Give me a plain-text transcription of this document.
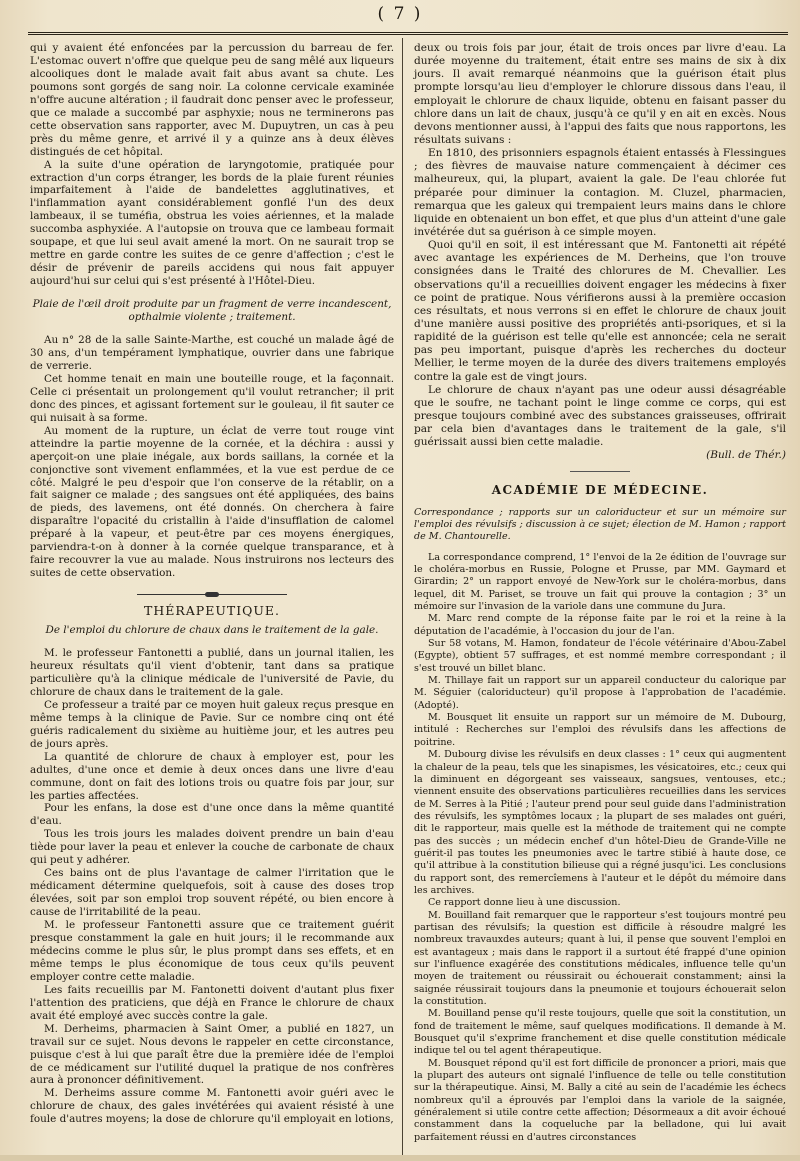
( 7 )

qui y avaient été enfoncées par la percussion du barreau de fer. L'estomac ouvert n'offre que quelque peu de sang mêlé aux liqueurs alcooliques dont le malade avait fait abus avant sa chute. Les poumons sont gorgés de sang noir. La colonne cervicale examinée n'offre aucune altération ; il faudrait donc penser avec le professeur, que ce malade a succombé par asphyxie; nous ne terminerons pas cette observation sans rapporter, avec M. Dupuytren, un cas à peu près du même genre, et arrivé il y a quinze ans à deux élèves distingués de cet hôpital.

A la suite d'une opération de laryngotomie, pratiquée pour extraction d'un corps étranger, les bords de la plaie furent réunies imparfaitement à l'aide de bandelettes agglutinatives, et l'inflammation ayant considérablement gonflé l'un des deux lambeaux, il se tuméfia, obstrua les voies aériennes, et la malade succomba asphyxiée. A l'autopsie on trouva que ce lambeau formait soupape, et que lui seul avait amené la mort. On ne saurait trop se mettre en garde contre les suites de ce genre d'affection ; c'est le désir de prévenir de pareils accidens qui nous fait appuyer aujourd'hui sur celui qui s'est présenté à l'Hôtel-Dieu.

Plaie de l'œil droit produite par un fragment de verre incandescent, opthalmie violente ; traitement.

Au n° 28 de la salle Sainte-Marthe, est couché un malade âgé de 30 ans, d'un tempérament lymphatique, ouvrier dans une fabrique de verrerie.

Cet homme tenait en main une bouteille rouge, et la façonnait. Celle ci présentait un prolongement qu'il voulut retrancher; il prit donc des pinces, et agissant fortement sur le gouleau, il fit sauter ce qui nuisait à sa forme.

Au moment de la rupture, un éclat de verre tout rouge vint atteindre la partie moyenne de la cornée, et la déchira : aussi y aperçoit-on une plaie inégale, aux bords saillans, la cornée et la conjonctive sont vivement enflammées, et la vue est perdue de ce côté. Malgré le peu d'espoir que l'on conserve de la rétablir, on a fait saigner ce malade ; des sangsues ont été appliquées, des bains de pieds, des lavemens, ont été donnés. On cherchera à faire disparaître l'opacité du cristallin à l'aide d'insufflation de calomel préparé à la vapeur, et peut-être par ces moyens énergiques, parviendra-t-on à donner à la cornée quelque transparance, et à faire recouvrer la vue au malade. Nous instruirons nos lecteurs des suites de cette observation.

THÉRAPEUTIQUE.

De l'emploi du chlorure de chaux dans le traitement de la gale.

M. le professeur Fantonetti a publié, dans un journal italien, les heureux résultats qu'il vient d'obtenir, tant dans sa pratique particulière qu'à la clinique médicale de l'université de Pavie, du chlorure de chaux dans le traitement de la gale.

Ce professeur a traité par ce moyen huit galeux reçus presque en même temps à la clinique de Pavie. Sur ce nombre cinq ont été guéris radicalement du sixième au huitième jour, et les autres peu de jours après.

La quantité de chlorure de chaux à employer est, pour les adultes, d'une once et demie à deux onces dans une livre d'eau commune, dont on fait des lotions trois ou quatre fois par jour, sur les parties affectées.

Pour les enfans, la dose est d'une once dans la même quantité d'eau.

Tous les trois jours les malades doivent prendre un bain d'eau tiède pour laver la peau et enlever la couche de carbonate de chaux qui peut y adhérer.

Ces bains ont de plus l'avantage de calmer l'irritation que le médicament détermine quelquefois, soit à cause des doses trop élevées, soit par son emploi trop souvent répété, ou bien encore à cause de l'irritabilité de la peau.

M. le professeur Fantonetti assure que ce traitement guérit presque constamment la gale en huit jours; il le recommande aux médecins comme le plus sûr, le plus prompt dans ses effets, et en même temps le plus économique de tous ceux qu'ils peuvent employer contre cette maladie.

Les faits recueillis par M. Fantonetti doivent d'autant plus fixer l'attention des praticiens, que déjà en France le chlorure de chaux avait été employé avec succès contre la gale.

M. Derheims, pharmacien à Saint Omer, a publié en 1827, un travail sur ce sujet. Nous devons le rappeler en cette circonstance, puisque c'est à lui que paraît être due la première idée de l'emploi de ce médicament sur l'utilité duquel la pratique de nos confrères aura à prononcer définitivement.

M. Derheims assure comme M. Fantonetti avoir guéri avec le chlorure de chaux, des gales invétérées qui avaient résisté à une foule d'autres moyens; la dose de chlorure qu'il employait en lotions,

deux ou trois fois par jour, était de trois onces par livre d'eau. La durée moyenne du traitement, était entre ses mains de six à dix jours. Il avait remarqué néanmoins que la guérison était plus prompte lorsqu'au lieu d'employer le chlorure dissous dans l'eau, il employait le chlorure de chaux liquide, obtenu en faisant passer du chlore dans un lait de chaux, jusqu'à ce qu'il y en ait en excès. Nous devons mentionner aussi, à l'appui des faits que nous rapportons, les résultats suivans :

En 1810, des prisonniers espagnols étaient entassés à Flessingues ; des fièvres de mauvaise nature commençaient à décimer ces malheureux, qui, la plupart, avaient la gale. De l'eau chlorée fut préparée pour diminuer la contagion. M. Cluzel, pharmacien, remarqua que les galeux qui trempaient leurs mains dans le chlore liquide en obtenaient un bon effet, et que plus d'un atteint d'une gale invétérée dut sa guérison à ce simple moyen.

Quoi qu'il en soit, il est intéressant que M. Fantonetti ait répété avec avantage les expériences de M. Derheins, que l'on trouve consignées dans le Traité des chlorures de M. Chevallier. Les observations qu'il a recueillies doivent engager les médecins à fixer ce point de pratique. Nous vérifierons aussi à la première occasion ces résultats, et nous verrons si en effet le chlorure de chaux jouit d'une manière aussi positive des propriétés anti-psoriques, et si la rapidité de la guérison est telle qu'elle est annoncée; cela ne serait pas peu important, puisque d'après les recherches du docteur Mellier, le terme moyen de la durée des divers traitemens employés contre la gale est de vingt jours.

Le chlorure de chaux n'ayant pas une odeur aussi désagréable que le soufre, ne tachant point le linge comme ce corps, qui est presque toujours combiné avec des substances graisseuses, offrirait par cela bien d'avantages dans le traitement de la gale, s'il guérissait aussi bien cette maladie.

(Bull. de Thér.)

ACADÉMIE DE MÉDECINE.

Correspondance ; rapports sur un caloriducteur et sur un mémoire sur l'emploi des révulsifs ; discussion à ce sujet; élection de M. Hamon ; rapport de M. Chantourelle.

La correspondance comprend, 1° l'envoi de la 2e édition de l'ouvrage sur le choléra-morbus en Russie, Pologne et Prusse, par MM. Gaymard et Girardin; 2° un rapport envoyé de New-York sur le choléra-morbus, dans lequel, dit M. Pariset, se trouve un fait qui prouve la contagion ; 3° un mémoire sur l'invasion de la variole dans une commune du Jura.

M. Marc rend compte de la réponse faite par le roi et la reine à la députation de l'académie, à l'occasion du jour de l'an.

Sur 58 votans, M. Hamon, fondateur de l'école vétérinaire d'Abou-Zabel (Egypte), obtient 57 suffrages, et est nommé membre correspondant ; il s'est trouvé un billet blanc.

M. Thillaye fait un rapport sur un appareil conducteur du calorique par M. Séguier (caloriducteur) qu'il propose à l'approbation de l'académie. (Adopté).

M. Bousquet lit ensuite un rapport sur un mémoire de M. Dubourg, intitulé : Recherches sur l'emploi des révulsifs dans les affections de poitrine.

M. Dubourg divise les révulsifs en deux classes : 1° ceux qui augmentent la chaleur de la peau, tels que les sinapismes, les vésicatoires, etc.; ceux qui la diminuent en dégorgeant ses vaisseaux, sangsues, ventouses, etc.; viennent ensuite des observations particulières recueillies dans les services de M. Serres à la Pitié ; l'auteur prend pour seul guide dans l'administration des révulsifs, les symptômes locaux ; la plupart de ses malades ont guéri, dit le rapporteur, mais quelle est la méthode de traitement qui ne compte pas des succès ; un médecin enchef d'un hôtel-Dieu de Grande-Ville ne guérit-il pas toutes les pneumonies avec le tartre stibié à haute dose, ce qu'il attribue à la constitution bilieuse qui a régné jusqu'ici. Les conclusions du rapport sont, des remercîemens à l'auteur et le dépôt du mémoire dans les archives.

Ce rapport donne lieu à une discussion.

M. Bouilland fait remarquer que le rapporteur s'est toujours montré peu partisan des révulsifs; la question est difficile à résoudre malgré les nombreux travauxdes auteurs; quant à lui, il pense que souvent l'emploi en est avantageux ; mais dans le rapport il a surtout été frappé d'une opinion sur l'influence exagérée des constitutions médicales, influence telle qu'un moyen de traitement ou réussirait ou échouerait constamment; ainsi la saignée réussirait toujours dans la pneumonie et toujours échouerait selon la constitution.

M. Bouilland pense qu'il reste toujours, quelle que soit la constitution, un fond de traitement le même, sauf quelques modifications. Il demande à M. Bousquet qu'il s'exprime franchement et dise quelle constitution médicale indique tel ou tel agent thérapeutique.

M. Bousquet répond qu'il est fort difficile de prononcer a priori, mais que la plupart des auteurs ont signalé l'influence de telle ou telle constitution sur la thérapeutique. Ainsi, M. Bally a cité au sein de l'académie les échecs nombreux qu'il a éprouvés par l'emploi dans la variole de la saignée, généralement si utile contre cette affection; Désormeaux a dit avoir échoué constamment dans la coqueluche par la belladone, qui lui avait parfaitement réussi en d'autres circonstances
